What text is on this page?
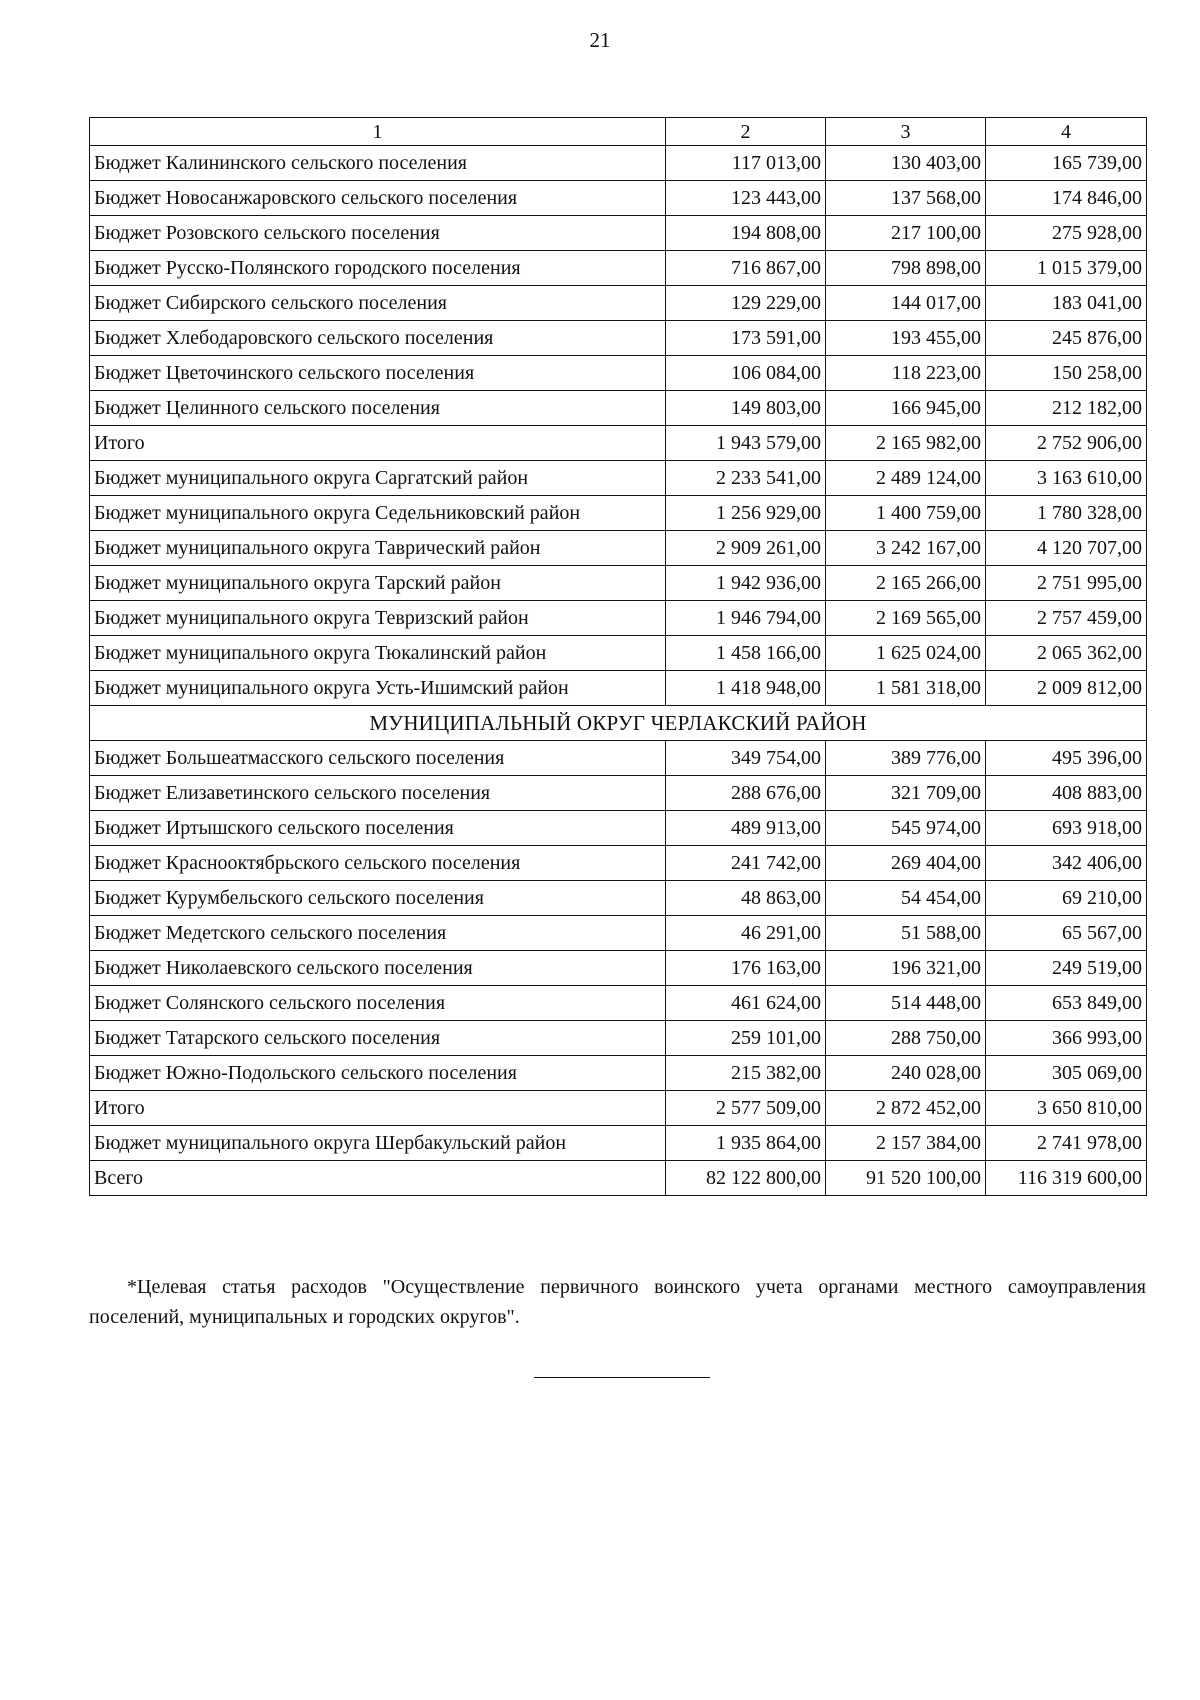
21
1	2	3	4
Бюджет Калининского сельского поселения	117 013,00	130 403,00	165 739,00
Бюджет Новосанжаровского сельского поселения	123 443,00	137 568,00	174 846,00
Бюджет Розовского сельского поселения	194 808,00	217 100,00	275 928,00
Бюджет Русско-Полянского городского поселения	716 867,00	798 898,00	1 015 379,00
Бюджет Сибирского сельского поселения	129 229,00	144 017,00	183 041,00
Бюджет Хлебодаровского сельского поселения	173 591,00	193 455,00	245 876,00
Бюджет Цветочинского сельского поселения	106 084,00	118 223,00	150 258,00
Бюджет Целинного сельского поселения	149 803,00	166 945,00	212 182,00
Итого	1 943 579,00	2 165 982,00	2 752 906,00
Бюджет муниципального округа Саргатский район	2 233 541,00	2 489 124,00	3 163 610,00
Бюджет муниципального округа Седельниковский район	1 256 929,00	1 400 759,00	1 780 328,00
Бюджет муниципального округа Таврический район	2 909 261,00	3 242 167,00	4 120 707,00
Бюджет муниципального округа Тарский район	1 942 936,00	2 165 266,00	2 751 995,00
Бюджет муниципального округа Тевризский район	1 946 794,00	2 169 565,00	2 757 459,00
Бюджет муниципального округа Тюкалинский район	1 458 166,00	1 625 024,00	2 065 362,00
Бюджет муниципального округа Усть-Ишимский район	1 418 948,00	1 581 318,00	2 009 812,00
МУНИЦИПАЛЬНЫЙ ОКРУГ ЧЕРЛАКСКИЙ РАЙОН			
Бюджет Большеатмасского сельского поселения	349 754,00	389 776,00	495 396,00
Бюджет Елизаветинского сельского поселения	288 676,00	321 709,00	408 883,00
Бюджет Иртышского сельского поселения	489 913,00	545 974,00	693 918,00
Бюджет Краснооктябрьского сельского поселения	241 742,00	269 404,00	342 406,00
Бюджет Курумбельского сельского поселения	48 863,00	54 454,00	69 210,00
Бюджет Медетского сельского поселения	46 291,00	51 588,00	65 567,00
Бюджет Николаевского сельского поселения	176 163,00	196 321,00	249 519,00
Бюджет Солянского сельского поселения	461 624,00	514 448,00	653 849,00
Бюджет Татарского сельского поселения	259 101,00	288 750,00	366 993,00
Бюджет Южно-Подольского сельского поселения	215 382,00	240 028,00	305 069,00
Итого	2 577 509,00	2 872 452,00	3 650 810,00
Бюджет муниципального округа Шербакульский район	1 935 864,00	2 157 384,00	2 741 978,00
Всего	82 122 800,00	91 520 100,00	116 319 600,00
*Целевая статья расходов "Осуществление первичного воинского учета органами местного самоуправления поселений, муниципальных и городских округов".
